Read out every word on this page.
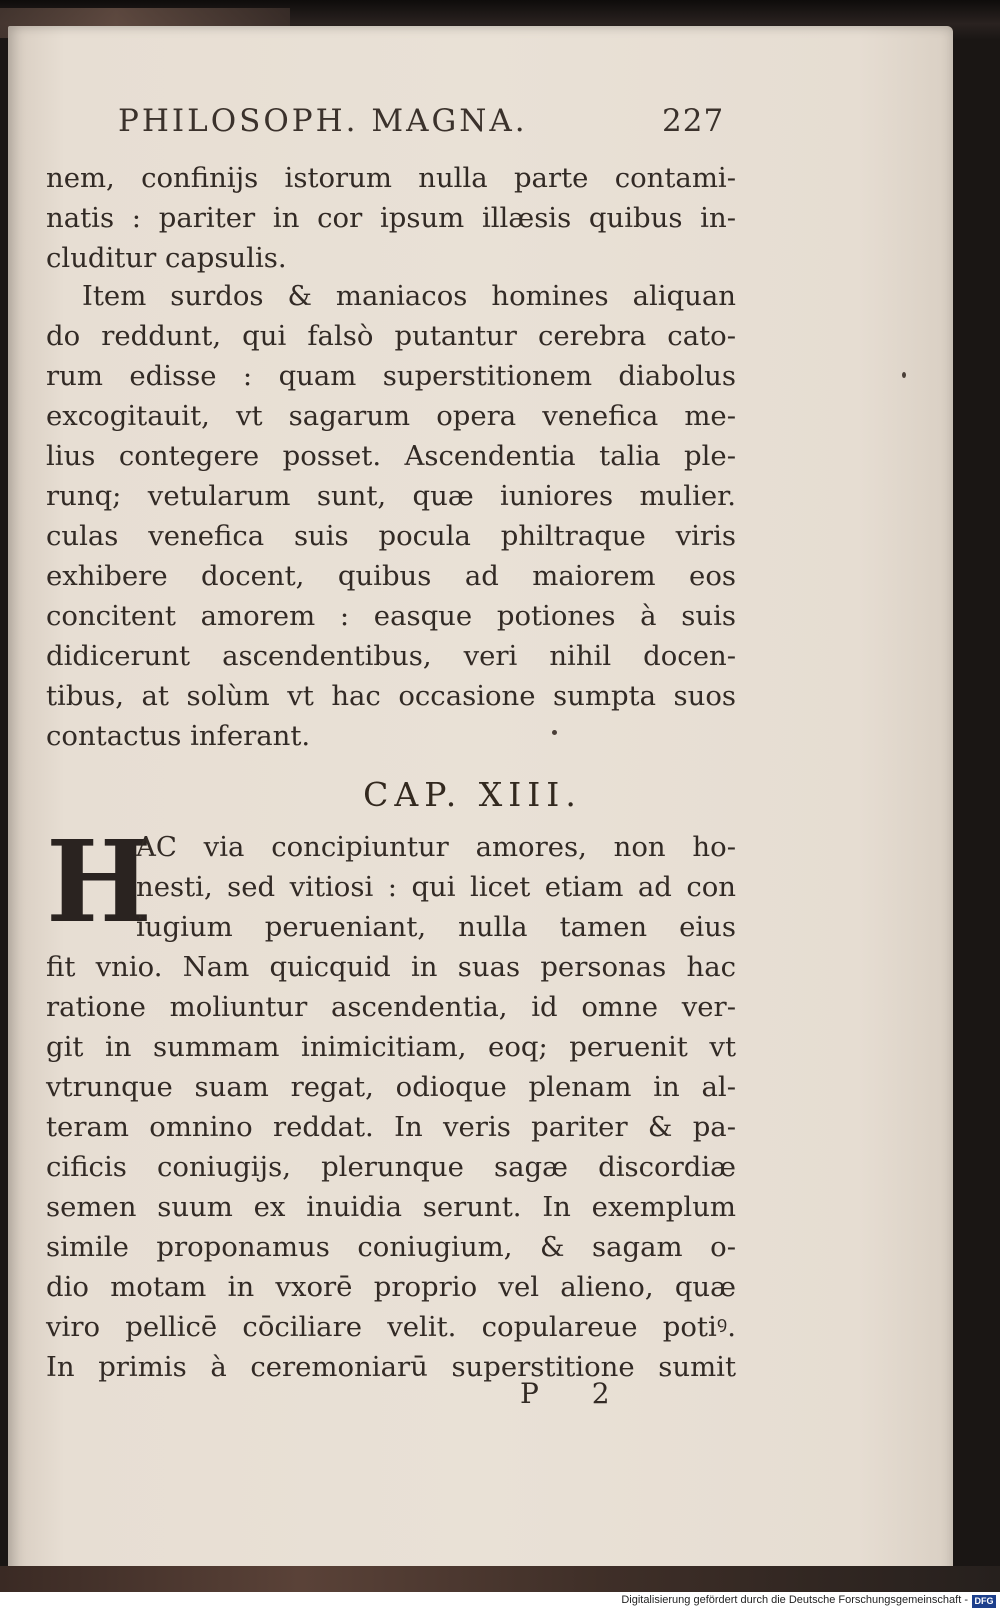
PHILOSOPH. MAGNA.	227
nem, confinijs istorum nulla parte contami-
natis : pariter in cor ipsum illæsis quibus in-
cluditur capsulis.
Item surdos & maniacos homines aliquan
do reddunt, qui falsò putantur cerebra cato-
rum edisse : quam superstitionem diabolus
excogitauit, vt sagarum opera venefica me-
lius contegere posset. Ascendentia talia ple-
runq; vetularum sunt, quæ iuniores mulier.
culas venefica suis pocula philtraque viris
exhibere docent, quibus ad maiorem eos
concitent amorem : easque potiones à suis
didicerunt ascendentibus, veri nihil docen-
tibus, at solùm vt hac occasione sumpta suos
contactus inferant.
CAP. XIII.
H
AC via concipiuntur amores, non ho-
nesti, sed vitiosi : qui licet etiam ad con
iugium perueniant, nulla tamen eius
fit vnio. Nam quicquid in suas personas hac
ratione moliuntur ascendentia, id omne ver-
git in summam inimicitiam, eoq; peruenit vt
vtrunque suam regat, odioque plenam in al-
teram omnino reddat. In veris pariter & pa-
cificis coniugijs, plerunque sagæ discordiæ
semen suum ex inuidia serunt. In exemplum
simile proponamus coniugium, & sagam o-
dio motam in vxorē proprio vel alieno, quæ
viro pellicē cōciliare velit. copulareue potiꝰ.
In primis à ceremoniarū superstitione sumit
P 2
Digitalisierung gefördert durch die Deutsche Forschungsgemeinschaft - DFG
